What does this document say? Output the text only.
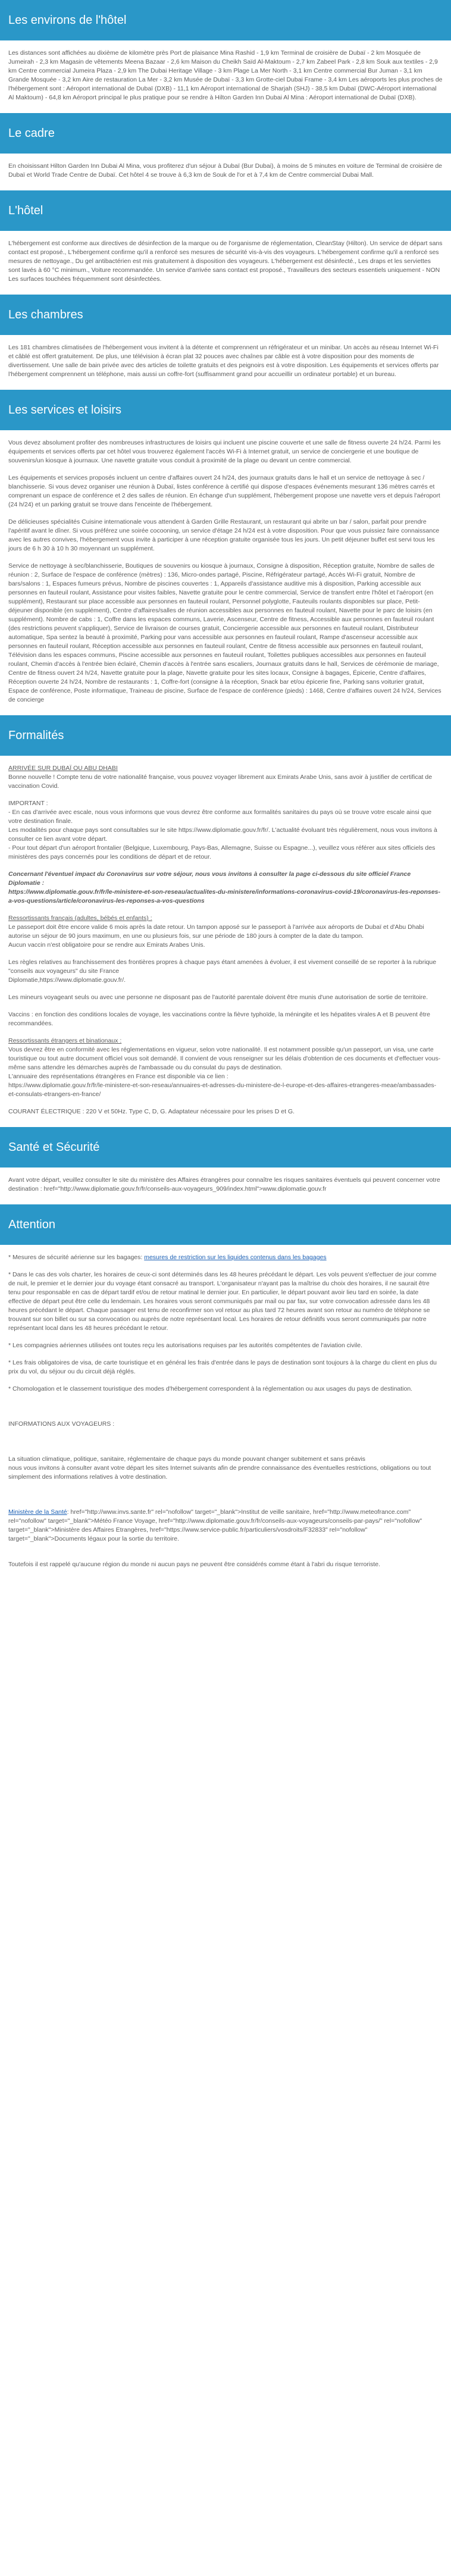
Les environs de l'hôtel

Les distances sont affichées au dixième de kilomètre près Port de plaisance Mina Rashid - 1,9 km Terminal de croisière de Dubaï - 2 km Mosquée de Jumeirah - 2,3 km Magasin de vêtements Meena Bazaar - 2,6 km Maison du Cheikh Saïd Al-Maktoum - 2,7 km Zabeel Park - 2,8 km Souk aux textiles - 2,9 km Centre commercial Jumeira Plaza - 2,9 km The Dubai Heritage Village - 3 km Plage La Mer North - 3,1 km Centre commercial Bur Juman - 3,1 km Grande Mosquée - 3,2 km Aire de restauration La Mer - 3,2 km Musée de Dubaï - 3,3 km Grotte-ciel Dubai Frame - 3,4 km Les aéroports les plus proches de l'hébergement sont : Aéroport international de Dubaï (DXB) - 11,1 km Aéroport international de Sharjah (SHJ) - 38,5 km Dubaï (DWC-Aéroport international Al Maktoum) - 64,8 km Aéroport principal le plus pratique pour se rendre à Hilton Garden Inn Dubai Al Mina : Aéroport international de Dubaï (DXB).

Le cadre

En choisissant Hilton Garden Inn Dubai Al Mina, vous profiterez d'un séjour à Dubaï (Bur Dubai), à moins de 5 minutes en voiture de Terminal de croisière de Dubaï et World Trade Centre de Dubaï. Cet hôtel 4 se trouve à 6,3 km de Souk de l'or et à 7,4 km de Centre commercial Dubai Mall.

L'hôtel

L'hébergement est conforme aux directives de désinfection de la marque ou de l'organisme de réglementation, CleanStay (Hilton). Un service de départ sans contact est proposé., L'hébergement confirme qu'il a renforcé ses mesures de sécurité vis-à-vis des voyageurs. L'hébergement confirme qu'il a renforcé ses mesures de nettoyage., Du gel antibactérien est mis gratuitement à disposition des voyageurs. L'hébergement est désinfecté., Les draps et les serviettes sont lavés à 60 °C minimum., Voiture recommandée. Un service d'arrivée sans contact est proposé., Travailleurs des secteurs essentiels uniquement - NON Les surfaces touchées fréquemment sont désinfectées.

Les chambres

Les 181 chambres climatisées de l'hébergement vous invitent à la détente et comprennent un réfrigérateur et un minibar. Un accès au réseau Internet Wi-Fi et câblé est offert gratuitement. De plus, une télévision à écran plat 32 pouces avec chaînes par câble est à votre disposition pour des moments de divertissement. Une salle de bain privée avec des articles de toilette gratuits et des peignoirs est à votre disposition. Les équipements et services offerts par l'hébergement comprennent un téléphone, mais aussi un coffre-fort (suffisamment grand pour accueillir un ordinateur portable) et un bureau.

Les services et loisirs

Vous devez absolument profiter des nombreuses infrastructures de loisirs qui incluent une piscine couverte et une salle de fitness ouverte 24 h/24. Parmi les équipements et services offerts par cet hôtel vous trouverez également l'accès Wi-Fi à Internet gratuit, un service de conciergerie et une boutique de souvenirs/un kiosque à journaux. Une navette gratuite vous conduit à proximité de la plage ou devant un centre commercial.

Les équipements et services proposés incluent un centre d'affaires ouvert 24 h/24, des journaux gratuits dans le hall et un service de nettoyage à sec / blanchisserie. Si vous devez organiser une réunion à Dubaï, listes conférence à certifié qui dispose d'espaces événements mesurant 136 mètres carrés et comprenant un espace de conférence et 2 des salles de réunion. En échange d'un supplément, l'hébergement propose une navette vers et depuis l'aéroport (24 h/24) et un parking gratuit se trouve dans l'enceinte de l'hébergement.

De délicieuses spécialités Cuisine internationale vous attendent à Garden Grille Restaurant, un restaurant qui abrite un bar / salon, parfait pour prendre l'apéritif avant le dîner. Si vous préférez une soirée cocooning, un service d'étage 24 h/24 est à votre disposition. Pour que vous puissiez faire connaissance avec les autres convives, l'hébergement vous invite à participer à une réception gratuite organisée tous les jours. Un petit déjeuner buffet est servi tous les jours de 6 h 30 à 10 h 30 moyennant un supplément.

Service de nettoyage à sec/blanchisserie, Boutiques de souvenirs ou kiosque à journaux, Consigne à disposition, Réception gratuite, Nombre de salles de réunion : 2, Surface de l'espace de conférence (mètres) : 136, Micro-ondes partagé, Piscine, Réfrigérateur partagé, Accès Wi-Fi gratuit, Nombre de bars/salons : 1, Espaces fumeurs prévus, Nombre de piscines couvertes : 1, Appareils d'assistance auditive mis à disposition, Parking accessible aux personnes en fauteuil roulant, Assistance pour visites faibles, Navette gratuite pour le centre commercial, Service de transfert entre l'hôtel et l'aéroport (en supplément), Restaurant sur place accessible aux personnes en fauteuil roulant, Personnel polyglotte, Fauteuils roulants disponibles sur place, Petit-déjeuner disponible (en supplément), Centre d'affaires/salles de réunion accessibles aux personnes en fauteuil roulant, Navette pour le parc de loisirs (en supplément). Nombre de cabs : 1, Coffre dans les espaces communs, Laverie, Ascenseur, Centre de fitness, Accessible aux personnes en fauteuil roulant (des restrictions peuvent s'appliquer), Service de livraison de courses gratuit, Conciergerie accessible aux personnes en fauteuil roulant, Distributeur automatique, Spa sentez la beauté à proximité, Parking pour vans accessible aux personnes en fauteuil roulant, Rampe d'ascenseur accessible aux personnes en fauteuil roulant, Réception accessible aux personnes en fauteuil roulant, Centre de fitness accessible aux personnes en fauteuil roulant, Télévision dans les espaces communs, Piscine accessible aux personnes en fauteuil roulant, Toilettes publiques accessibles aux personnes en fauteuil roulant, Chemin d'accès à l'entrée bien éclairé, Chemin d'accès à l'entrée sans escaliers, Journaux gratuits dans le hall, Services de cérémonie de mariage, Centre de fitness ouvert 24 h/24, Navette gratuite pour la plage, Navette gratuite pour les sites locaux, Consigne à bagages, Épicerie, Centre d'affaires, Réception ouverte 24 h/24, Nombre de restaurants : 1, Coffre-fort (consigne à la réception, Snack bar et/ou épicerie fine, Parking sans voiturier gratuit, Espace de conférence, Poste informatique, Traineau de piscine, Surface de l'espace de conférence (pieds) : 1468, Centre d'affaires ouvert 24 h/24, Services de concierge

Formalités

ARRIVÉE SUR DUBAÏ OU ABU DHABI
Bonne nouvelle ! Compte tenu de votre nationalité française, vous pouvez voyager librement aux Emirats Arabe Unis, sans avoir à justifier de certificat de vaccination Covid.

IMPORTANT :
- En cas d'arrivée avec escale, nous vous informons que vous devrez être conforme aux formalités sanitaires du pays où se trouve votre escale ainsi que votre destination finale.
Les modalités pour chaque pays sont consultables sur le site https://www.diplomatie.gouv.fr/fr/. L'actualité évoluant très régulièrement, nous vous invitons à consulter ce lien avant votre départ.
- Pour tout départ d'un aéroport frontalier (Belgique, Luxembourg, Pays-Bas, Allemagne, Suisse ou Espagne...), veuillez vous référer aux sites officiels des ministères des pays concernés pour les conditions de départ et de retour.

Concernant l'éventuel impact du Coronavirus sur votre séjour, nous vous invitons à consulter la page ci-dessous du site officiel France Diplomatie :
https://www.diplomatie.gouv.fr/fr/le-ministere-et-son-reseau/actualites-du-ministere/informations-coronavirus-covid-19/coronavirus-les-reponses-a-vos-questions/article/coronavirus-les-reponses-a-vos-questions

Ressortissants français (adultes, bébés et enfants) :
Le passeport doit être encore valide 6 mois après la date retour. Un tampon apposé sur le passeport à l'arrivée aux aéroports de Dubaï et d'Abu Dhabi autorise un séjour de 90 jours maximum, en une ou plusieurs fois, sur une période de 180 jours à compter de la date du tampon.
Aucun vaccin n'est obligatoire pour se rendre aux Emirats Arabes Unis.

Les règles relatives au franchissement des frontières propres à chaque pays étant amenées à évoluer, il est vivement conseillé de se reporter à la rubrique "conseils aux voyageurs" du site France
Diplomatie,https://www.diplomatie.gouv.fr/.

Les mineurs voyageant seuls ou avec une personne ne disposant pas de l'autorité parentale doivent être munis d'une autorisation de sortie de territoire.

Vaccins : en fonction des conditions locales de voyage, les vaccinations contre la fièvre typhoïde, la méningite et les hépatites virales A et B peuvent être recommandées.

Ressortissants étrangers et binationaux :
Vous devrez être en conformité avec les réglementations en vigueur, selon votre nationalité. Il est notamment possible qu'un passeport, un visa, une carte touristique ou tout autre document officiel vous soit demandé. Il convient de vous renseigner sur les délais d'obtention de ces documents et d'effectuer vous-même sans attendre les démarches auprès de l'ambassade ou du consulat du pays de destination.
L'annuaire des représentations étrangères en France est disponible via ce lien :
https://www.diplomatie.gouv.fr/fr/le-ministere-et-son-reseau/annuaires-et-adresses-du-ministere-de-l-europe-et-des-affaires-etrangeres-meae/ambassades-et-consulats-etrangers-en-france/

COURANT ÉLECTRIQUE : 220 V et 50Hz. Type C, D, G. Adaptateur nécessaire pour les prises D et G.

Santé et Sécurité

Avant votre départ, veuillez consulter le site du ministère des Affaires étrangères pour connaître les risques sanitaires éventuels qui peuvent concerner votre destination : href="http://www.diplomatie.gouv.fr/fr/conseils-aux-voyageurs_909/index.html">www.diplomatie.gouv.fr

Attention

* Mesures de sécurité aérienne sur les bagages: mesures de restriction sur les liquides contenus dans les bagages

* Dans le cas des vols charter, les horaires de ceux-ci sont déterminés dans les 48 heures précédant le départ. Les vols peuvent s'effectuer de jour comme de nuit, le premier et le dernier jour du voyage étant consacré au transport. L'organisateur n'ayant pas la maîtrise du choix des horaires, il ne saurait être tenu pour responsable en cas de départ tardif et/ou de retour matinal le dernier jour. En particulier, le départ pouvant avoir lieu tard en soirée, la date effective de départ peut être celle du lendemain. Les horaires vous seront communiqués par mail ou par fax, sur votre convocation adressée dans les 48 heures précédant le départ. Chaque passager est tenu de reconfirmer son vol retour au plus tard 72 heures avant son retour au numéro de téléphone se trouvant sur son billet ou sur sa convocation ou auprès de notre représentant local. Les horaires de retour définitifs vous seront communiqués par notre représentant local dans les 48 heures précédant le retour.

* Les compagnies aériennes utilisées ont toutes reçu les autorisations requises par les autorités compétentes de l'aviation civile.

* Les frais obligatoires de visa, de carte touristique et en général les frais d'entrée dans le pays de destination sont toujours à la charge du client en plus du prix du vol, du séjour ou du circuit déjà réglés.

* Chomologation et le classement touristique des modes d'hébergement correspondent à la réglementation ou aux usages du pays de destination.

INFORMATIONS AUX VOYAGEURS :

La situation climatique, politique, sanitaire, réglementaire de chaque pays du monde pouvant changer subitement et sans préavis
nous vous invitons à consulter avant votre départ les sites Internet suivants afin de prendre connaissance des éventuelles restrictions, obligations ou tout simplement des informations relatives à votre destination.

Ministère de la Santé: href="http://www.invs.sante.fr" rel="nofollow" target="_blank">Institut de veille sanitaire, href="http://www.meteofrance.com" rel="nofollow" target="_blank">Météo France Voyage, href="http://www.diplomatie.gouv.fr/fr/conseils-aux-voyageurs/conseils-par-pays/" rel="nofollow" target="_blank">Ministère des Affaires Etrangères, href="https://www.service-public.fr/particuliers/vosdroits/F32833" rel="nofollow" target="_blank">Documents légaux pour la sortie du territoire.

Toutefois il est rappelé qu'aucune région du monde ni aucun pays ne peuvent être considérés comme étant à l'abri du risque terroriste.
